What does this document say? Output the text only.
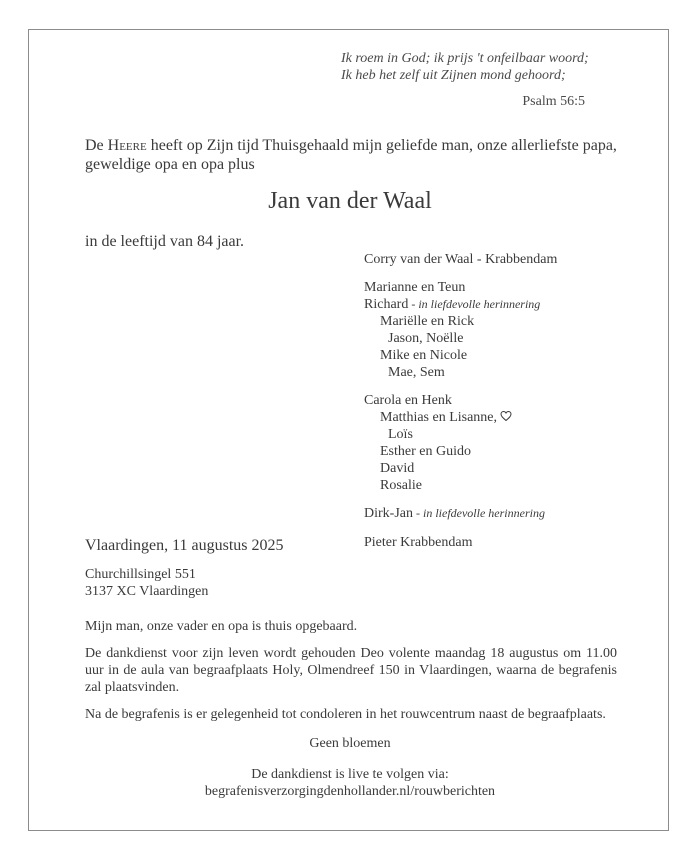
Ik roem in God; ik prijs 't onfeilbaar woord;
Ik heb het zelf uit Zijnen mond gehoord;
Psalm 56:5
De Heere heeft op Zijn tijd Thuisgehaald mijn geliefde man, onze allerliefste papa,
geweldige opa en opa plus
Jan van der Waal
in de leeftijd van 84 jaar.
Corry van der Waal - Krabbendam
Marianne en Teun
Richard - in liefdevolle herinnering
Mariëlle en Rick
Jason, Noëlle
Mike en Nicole
Mae, Sem
Carola en Henk
Matthias en Lisanne,
Loïs
Esther en Guido
David
Rosalie
Dirk-Jan - in liefdevolle herinnering
Pieter Krabbendam
Vlaardingen, 11 augustus 2025
Churchillsingel 551
3137 XC Vlaardingen
Mijn man, onze vader en opa is thuis opgebaard.
De dankdienst voor zijn leven wordt gehouden Deo volente maandag 18 augustus om 11.00 uur in de aula van begraafplaats Holy, Olmendreef 150 in Vlaardingen, waarna de begrafenis zal plaatsvinden.
Na de begrafenis is er gelegenheid tot condoleren in het rouwcentrum naast de begraafplaats.
Geen bloemen
De dankdienst is live te volgen via:
begrafenisverzorgingdenhollander.nl/rouwberichten
